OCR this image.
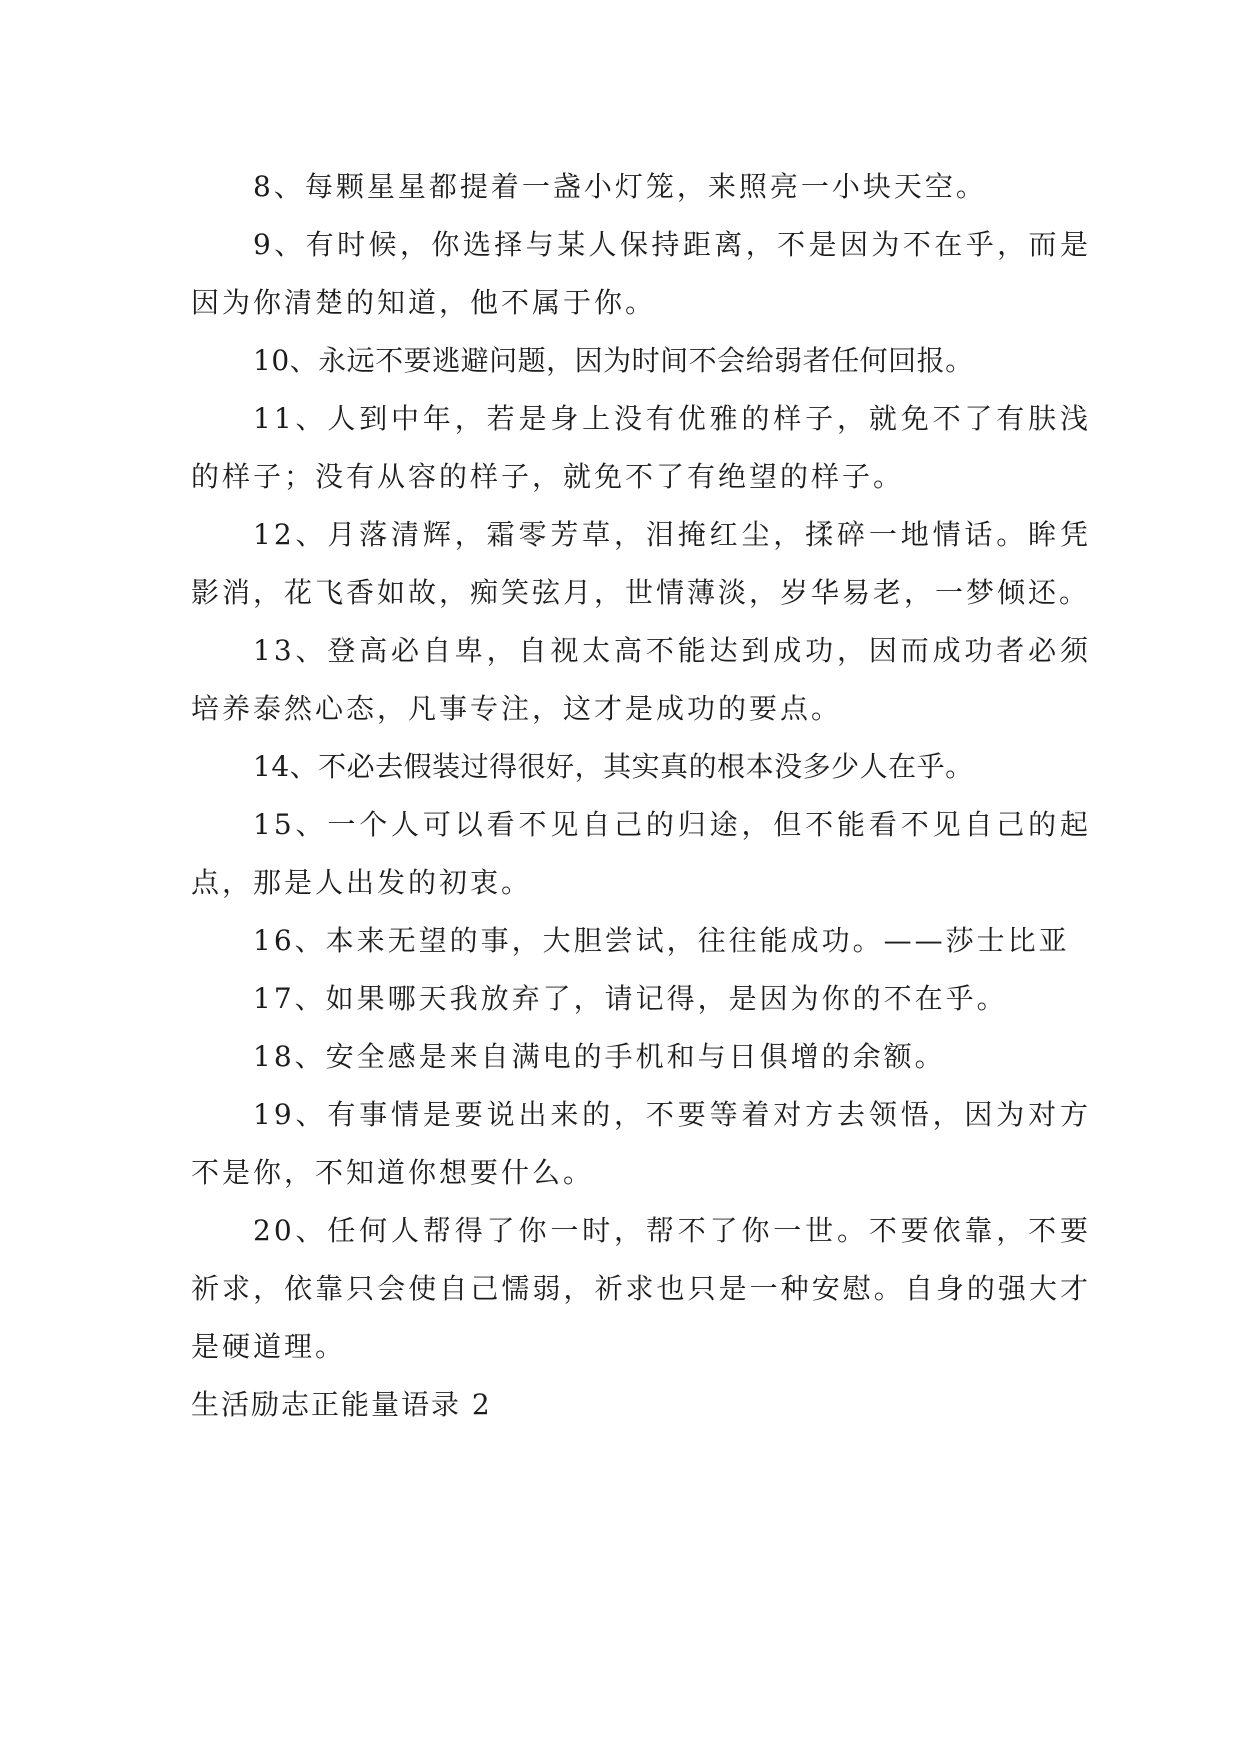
8、每颗星星都提着一盏小灯笼，来照亮一小块天空。

9、有时候，你选择与某人保持距离，不是因为不在乎，而是因为你清楚的知道，他不属于你。

10、永远不要逃避问题，因为时间不会给弱者任何回报。

11、人到中年，若是身上没有优雅的样子，就免不了有肤浅的样子；没有从容的样子，就免不了有绝望的样子。

12、月落清辉，霜零芳草，泪掩红尘，揉碎一地情话。眸凭影消，花飞香如故，痴笑弦月，世情薄淡，岁华易老，一梦倾还。

13、登高必自卑，自视太高不能达到成功，因而成功者必须培养泰然心态，凡事专注，这才是成功的要点。

14、不必去假装过得很好，其实真的根本没多少人在乎。

15、一个人可以看不见自己的归途，但不能看不见自己的起点，那是人出发的初衷。

16、本来无望的事，大胆尝试，往往能成功。——莎士比亚

17、如果哪天我放弃了，请记得，是因为你的不在乎。

18、安全感是来自满电的手机和与日俱增的余额。

19、有事情是要说出来的，不要等着对方去领悟，因为对方不是你，不知道你想要什么。

20、任何人帮得了你一时，帮不了你一世。不要依靠，不要祈求，依靠只会使自己懦弱，祈求也只是一种安慰。自身的强大才是硬道理。

生活励志正能量语录 2
